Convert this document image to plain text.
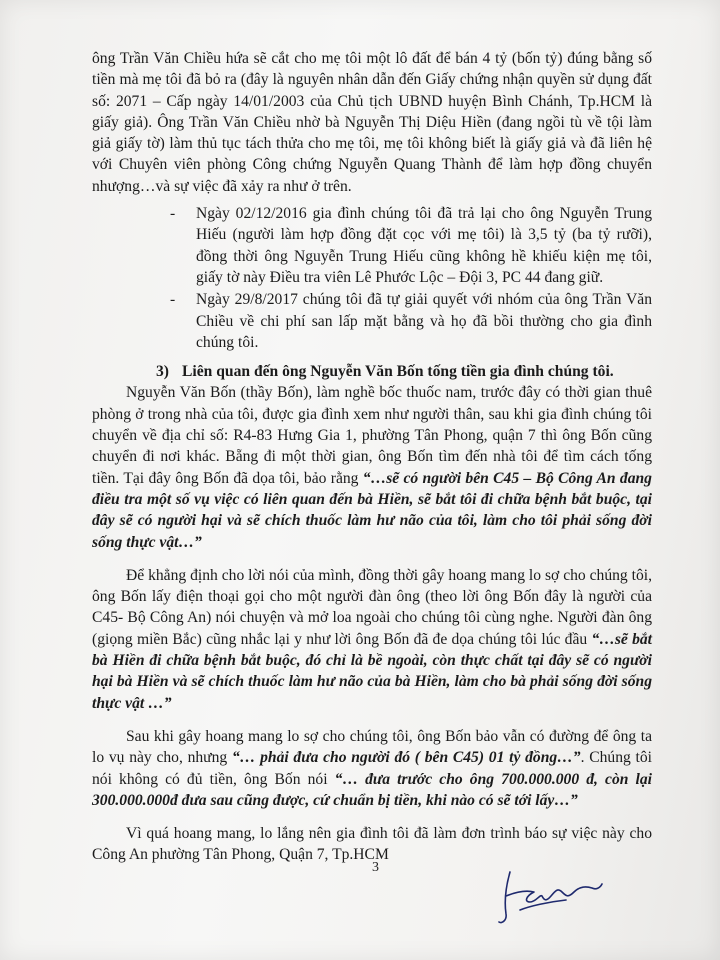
ông Trần Văn Chiều hứa sẽ cắt cho mẹ tôi một lô đất để bán 4 tỷ (bốn tỷ) đúng bằng số tiền mà mẹ tôi đã bỏ ra (đây là nguyên nhân dẫn đến Giấy chứng nhận quyền sử dụng đất số: 2071 – Cấp ngày 14/01/2003 của Chủ tịch UBND huyện Bình Chánh, Tp.HCM là giấy giả). Ông Trần Văn Chiều nhờ bà Nguyễn Thị Diệu Hiền (đang ngồi tù về tội làm giả giấy tờ) làm thủ tục tách thửa cho mẹ tôi, mẹ tôi không biết là giấy giả và đã liên hệ với Chuyên viên phòng Công chứng Nguyễn Quang Thành để làm hợp đồng chuyển nhượng…và sự việc đã xảy ra như ở trên.

- Ngày 02/12/2016 gia đình chúng tôi đã trả lại cho ông Nguyễn Trung Hiếu (người làm hợp đồng đặt cọc với mẹ tôi) là 3,5 tỷ (ba tỷ rưỡi), đồng thời ông Nguyễn Trung Hiếu cũng không hề khiếu kiện mẹ tôi, giấy tờ này Điều tra viên Lê Phước Lộc – Đội 3, PC 44 đang giữ.
- Ngày 29/8/2017 chúng tôi đã tự giải quyết với nhóm của ông Trần Văn Chiều về chi phí san lấp mặt bằng và họ đã bồi thường cho gia đình chúng tôi.
3) Liên quan đến ông Nguyễn Văn Bốn tống tiền gia đình chúng tôi.

Nguyễn Văn Bốn (thầy Bốn), làm nghề bốc thuốc nam, trước đây có thời gian thuê phòng ở trong nhà của tôi, được gia đình xem như người thân, sau khi gia đình chúng tôi chuyển về địa chỉ số: R4-83 Hưng Gia 1, phường Tân Phong, quận 7 thì ông Bốn cũng chuyển đi nơi khác. Bẵng đi một thời gian, ông Bốn tìm đến nhà tôi để tìm cách tống tiền. Tại đây ông Bốn đã dọa tôi, bảo rằng “…sẽ có người bên C45 – Bộ Công An đang điều tra một số vụ việc có liên quan đến bà Hiền, sẽ bắt tôi đi chữa bệnh bắt buộc, tại đây sẽ có người hại và sẽ chích thuốc làm hư não của tôi, làm cho tôi phải sống đời sống thực vật…”

Để khẳng định cho lời nói của mình, đồng thời gây hoang mang lo sợ cho chúng tôi, ông Bốn lấy điện thoại gọi cho một người đàn ông (theo lời ông Bốn đây là người của C45- Bộ Công An) nói chuyện và mở loa ngoài cho chúng tôi cùng nghe. Người đàn ông (giọng miền Bắc) cũng nhắc lại y như lời ông Bốn đã đe dọa chúng tôi lúc đầu “…sẽ bắt bà Hiền đi chữa bệnh bắt buộc, đó chỉ là bề ngoài, còn thực chất tại đây sẽ có người hại bà Hiền và sẽ chích thuốc làm hư não của bà Hiền, làm cho bà phải sống đời sống thực vật …”

Sau khi gây hoang mang lo sợ cho chúng tôi, ông Bốn bảo vẫn có đường để ông ta lo vụ này cho, nhưng “… phải đưa cho người đó ( bên C45) 01 tỷ đồng…”. Chúng tôi nói không có đủ tiền, ông Bốn nói “… đưa trước cho ông 700.000.000 đ, còn lại 300.000.000đ đưa sau cũng được, cứ chuẩn bị tiền, khi nào có sẽ tới lấy…”

Vì quá hoang mang, lo lắng nên gia đình tôi đã làm đơn trình báo sự việc này cho Công An phường Tân Phong, Quận 7, Tp.HCM

3
